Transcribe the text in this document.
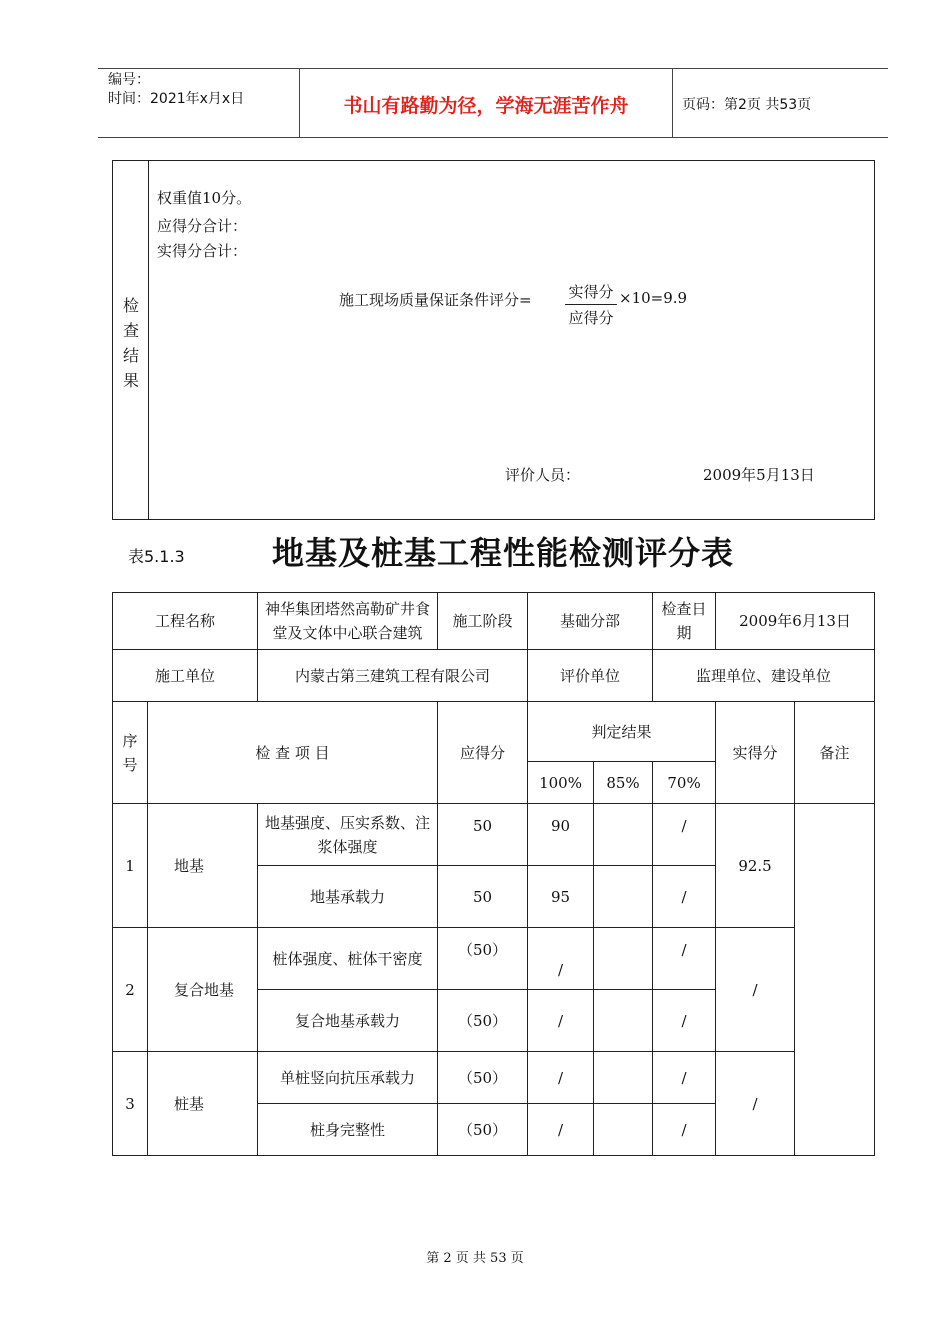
编号：
时间：2021年x月x日	书山有路勤为径，学海无涯苦作舟	页码：第2页 共53页
检
查
结
果
权重值10分。
应得分合计：
实得分合计：
施工现场质量保证条件评分= 实得分
应得分
×10=9.9
评价人员：	2009年5月13日
表5.1.3	地基及桩基工程性能检测评分表
工程名称		神华集团塔然高勒矿井食堂及文体中心联合建筑	施工阶段	基础分部		检查日期	2009年6月13日	
施工单位		内蒙古第三建筑工程有限公司		评价单位		监理单位、建设单位		
序号	检 查 项 目		应得分	判定结果			实得分	备注
				100%	85%	70%		
1	地基	地基强度、压实系数、注浆体强度	50	90		/	92.5	
		地基承载力	50	95		/		
2	复合地基	桩体强度、桩体干密度	（50）	/		/	/	
		复合地基承载力	（50）	/		/		
3	桩基	单桩竖向抗压承载力	（50）	/		/	/	
		桩身完整性	（50）	/		/		
第 2 页 共 53 页
